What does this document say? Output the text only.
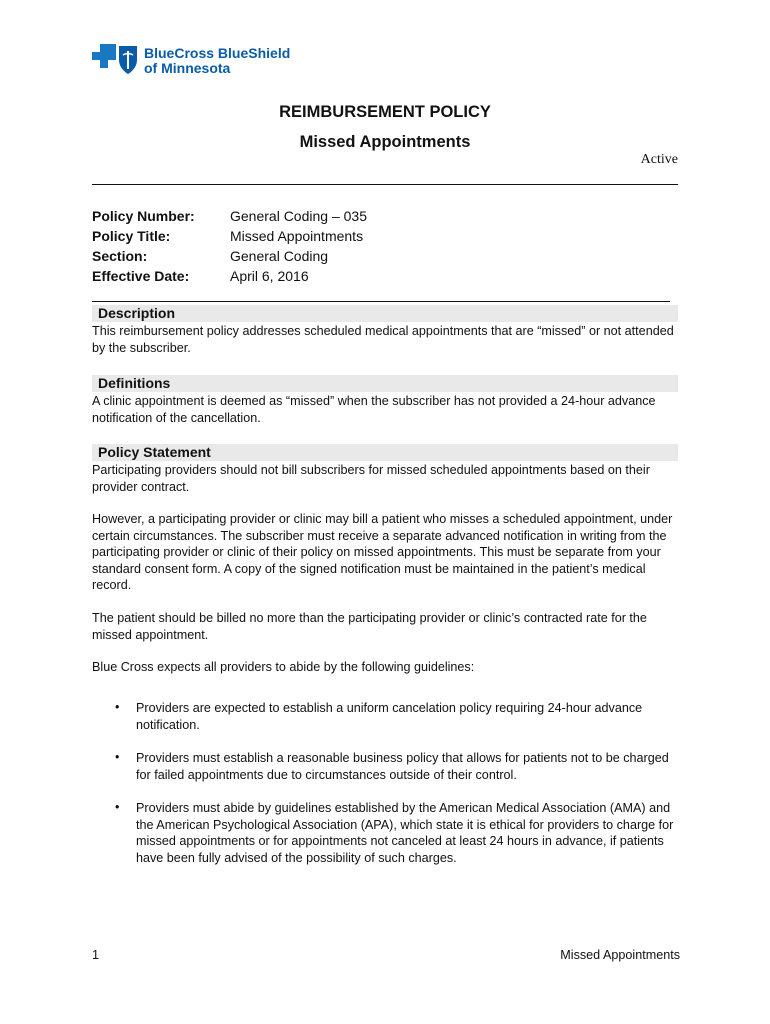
BlueCross BlueShield
of Minnesota
REIMBURSEMENT POLICY
Missed Appointments
Active
Policy Number:	General Coding – 035
Policy Title:	Missed Appointments
Section:	General Coding
Effective Date:	April 6, 2016
Description
This reimbursement policy addresses scheduled medical appointments that are “missed” or not attended by the subscriber.
Definitions
A clinic appointment is deemed as “missed” when the subscriber has not provided a 24-hour advance notification of the cancellation.
Policy Statement
Participating providers should not bill subscribers for missed scheduled appointments based on their provider contract.
However, a participating provider or clinic may bill a patient who misses a scheduled appointment, under certain circumstances. The subscriber must receive a separate advanced notification in writing from the participating provider or clinic of their policy on missed appointments. This must be separate from your standard consent form. A copy of the signed notification must be maintained in the patient’s medical record.
The patient should be billed no more than the participating provider or clinic’s contracted rate for the missed appointment.
Blue Cross expects all providers to abide by the following guidelines:
• Providers are expected to establish a uniform cancelation policy requiring 24-hour advance notification.
• Providers must establish a reasonable business policy that allows for patients not to be charged for failed appointments due to circumstances outside of their control.
• Providers must abide by guidelines established by the American Medical Association (AMA) and the American Psychological Association (APA), which state it is ethical for providers to charge for missed appointments or for appointments not canceled at least 24 hours in advance, if patients have been fully advised of the possibility of such charges.
1	Missed Appointments
